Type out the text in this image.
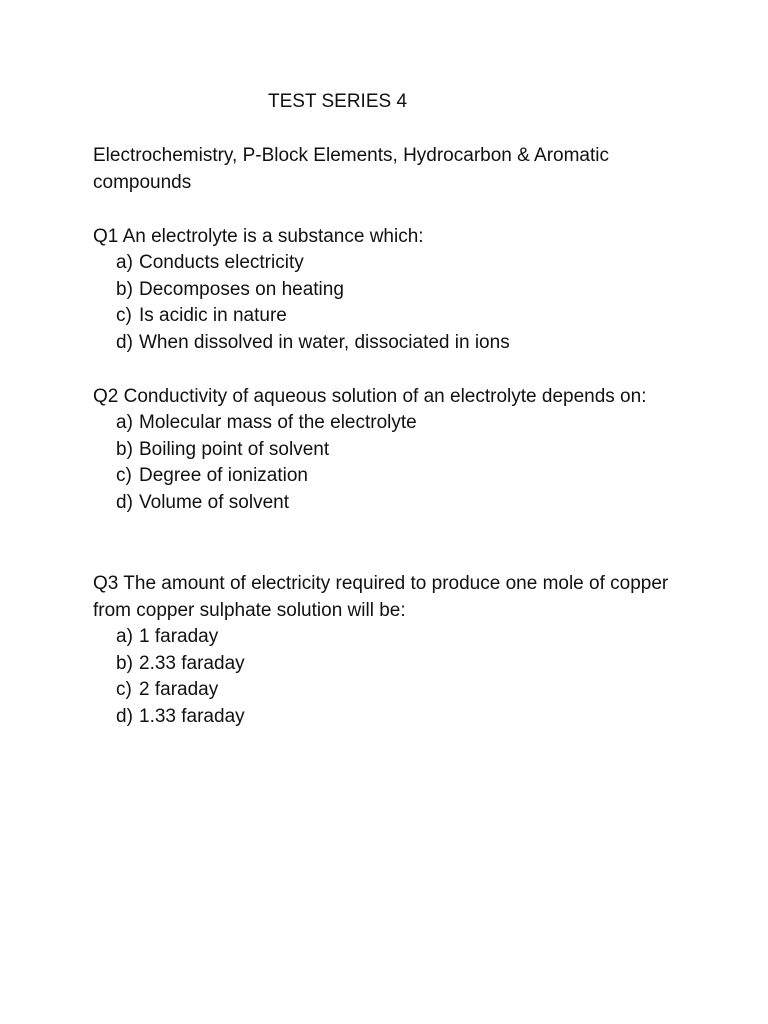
TEST SERIES 4
Electrochemistry, P-Block Elements, Hydrocarbon & Aromatic compounds

Q1 An electrolyte is a substance which:

a) Conducts electricity
b) Decomposes on heating
c) Is acidic in nature
d) When dissolved in water, dissociated in ions

Q2 Conductivity of aqueous solution of an electrolyte depends on:

a) Molecular mass of the electrolyte
b) Boiling point of solvent
c) Degree of ionization
d) Volume of solvent

Q3 The amount of electricity required to produce one mole of copper from copper sulphate solution will be:

a) 1 faraday
b) 2.33 faraday
c) 2 faraday
d) 1.33 faraday
